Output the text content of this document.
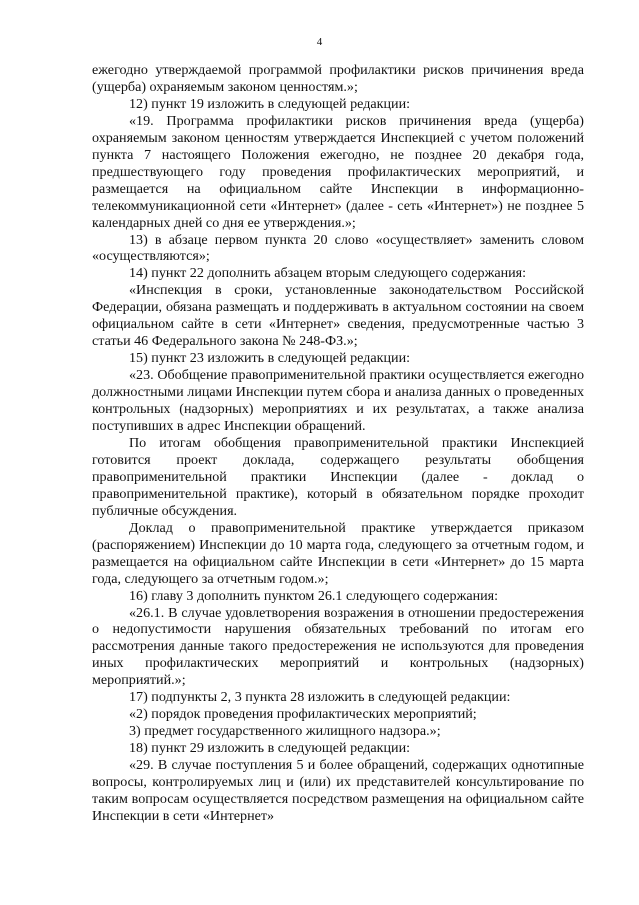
4

ежегодно утверждаемой программой профилактики рисков причинения вреда (ущерба) охраняемым законом ценностям.»;

12) пункт 19 изложить в следующей редакции:

«19. Программа профилактики рисков причинения вреда (ущерба) охраняемым законом ценностям утверждается Инспекцией с учетом положений пункта 7 настоящего Положения ежегодно, не позднее 20 декабря года, предшествующего году проведения профилактических мероприятий, и размещается на официальном сайте Инспекции в информационно-телекоммуникационной сети «Интернет» (далее - сеть «Интернет») не позднее 5 календарных дней со дня ее утверждения.»;

13) в абзаце первом пункта 20 слово «осуществляет» заменить словом «осуществляются»;

14) пункт 22 дополнить абзацем вторым следующего содержания:

«Инспекция в сроки, установленные законодательством Российской Федерации, обязана размещать и поддерживать в актуальном состоянии на своем официальном сайте в сети «Интернет» сведения, предусмотренные частью 3 статьи 46 Федерального закона № 248-ФЗ.»;

15) пункт 23 изложить в следующей редакции:

«23. Обобщение правоприменительной практики осуществляется ежегодно должностными лицами Инспекции путем сбора и анализа данных о проведенных контрольных (надзорных) мероприятиях и их результатах, а также анализа поступивших в адрес Инспекции обращений.

По итогам обобщения правоприменительной практики Инспекцией готовится проект доклада, содержащего результаты обобщения правоприменительной практики Инспекции (далее - доклад о правоприменительной практике), который в обязательном порядке проходит публичные обсуждения.

Доклад о правоприменительной практике утверждается приказом (распоряжением) Инспекции до 10 марта года, следующего за отчетным годом, и размещается на официальном сайте Инспекции в сети «Интернет» до 15 марта года, следующего за отчетным годом.»;

16) главу 3 дополнить пунктом 26.1 следующего содержания:

«26.1. В случае удовлетворения возражения в отношении предостережения о недопустимости нарушения обязательных требований по итогам его рассмотрения данные такого предостережения не используются для проведения иных профилактических мероприятий и контрольных (надзорных) мероприятий.»;

17) подпункты 2, 3 пункта 28 изложить в следующей редакции:

«2) порядок проведения профилактических мероприятий;

3) предмет государственного жилищного надзора.»;

18) пункт 29 изложить в следующей редакции:

«29. В случае поступления 5 и более обращений, содержащих однотипные вопросы, контролируемых лиц и (или) их представителей консультирование по таким вопросам осуществляется посредством размещения на официальном сайте Инспекции в сети «Интернет»
